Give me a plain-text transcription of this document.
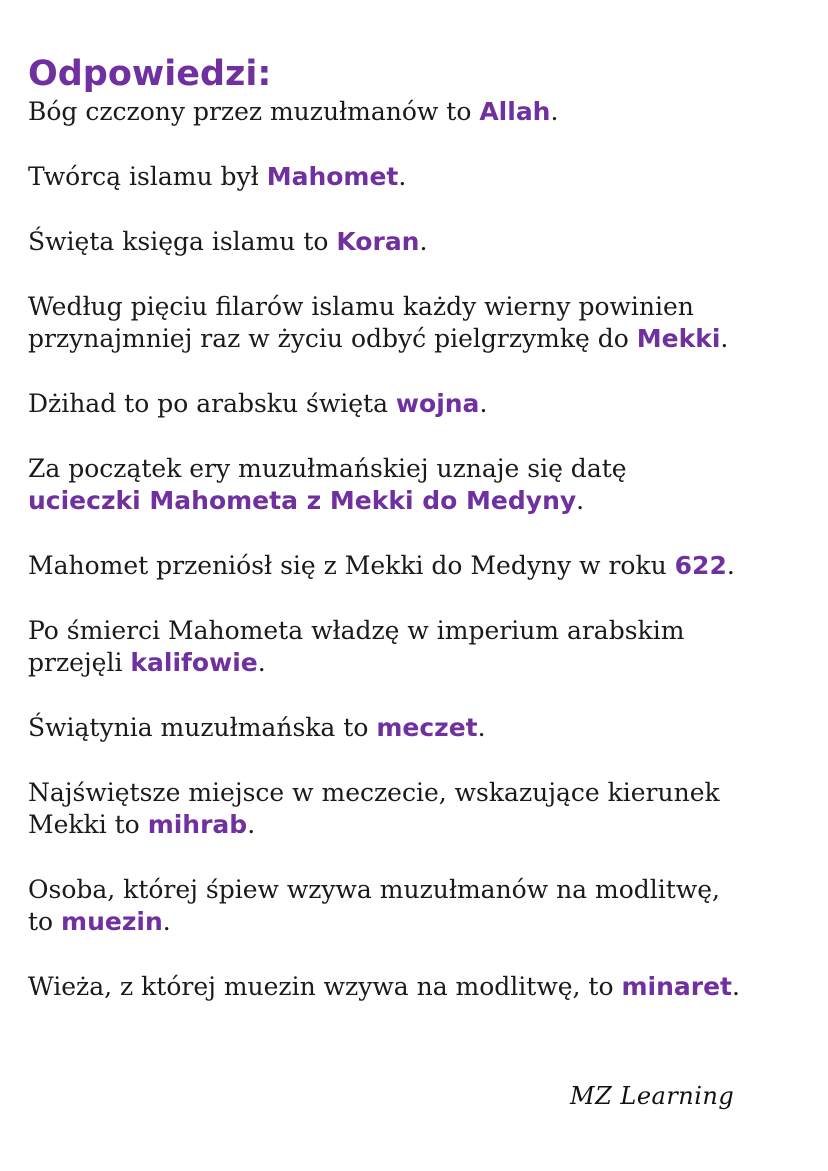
Odpowiedzi:

Bóg czczony przez muzułmanów to Allah.

Twórcą islamu był Mahomet.

Święta księga islamu to Koran.

Według pięciu filarów islamu każdy wierny powinien
przynajmniej raz w życiu odbyć pielgrzymkę do Mekki.

Dżihad to po arabsku święta wojna.

Za początek ery muzułmańskiej uznaje się datę
ucieczki Mahometa z Mekki do Medyny.

Mahomet przeniósł się z Mekki do Medyny w roku 622.

Po śmierci Mahometa władzę w imperium arabskim
przejęli kalifowie.

Świątynia muzułmańska to meczet.

Najświętsze miejsce w meczecie, wskazujące kierunek
Mekki to mihrab.

Osoba, której śpiew wzywa muzułmanów na modlitwę,
to muezin.

Wieża, z której muezin wzywa na modlitwę, to minaret.

MZ Learning
